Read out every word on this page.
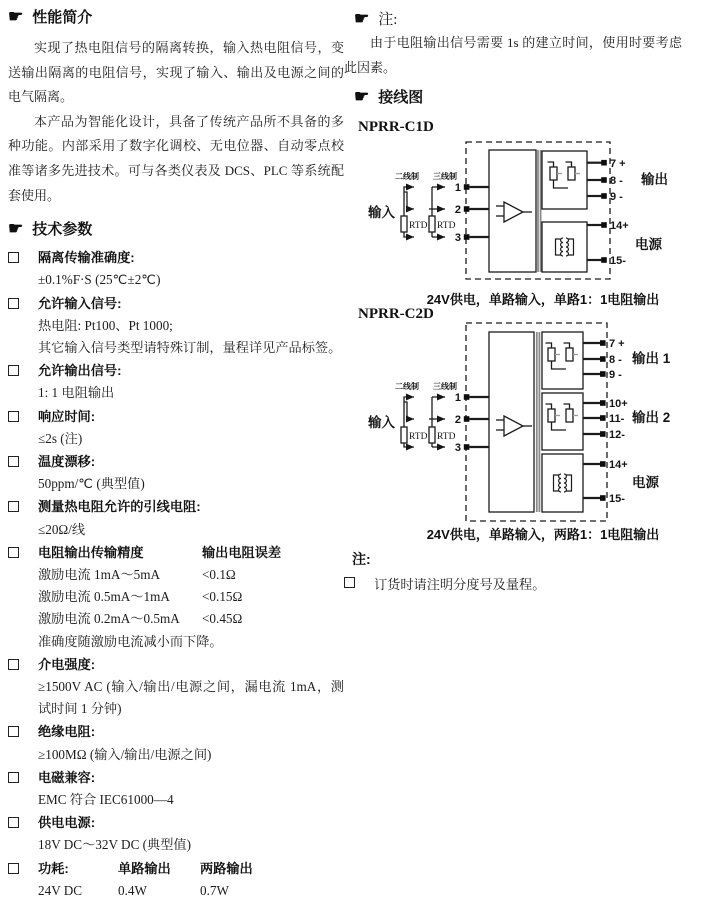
☛ 性能简介

实现了热电阻信号的隔离转换，输入热电阻信号，变送输出隔离的电阻信号，实现了输入、输出及电源之间的电气隔离。

本产品为智能化设计，具备了传统产品所不具备的多种功能。内部采用了数字化调校、无电位器、自动零点校准等诸多先进技术。可与各类仪表及 DCS、PLC 等系统配套使用。

☛ 技术参数
隔离传输准确度:
±0.1%F·S (25℃±2℃)
允许输入信号:
热电阻: Pt100、Pt 1000;
其它输入信号类型请特殊订制，量程详见产品标签。
允许输出信号:
1: 1 电阻输出
响应时间:
≤2s (注)
温度漂移:
50ppm/℃ (典型值)
测量热电阻允许的引线电阻:
≤20Ω/线
电阻输出传输精度	输出电阻误差
激励电流 1mA～5mA	<0.1Ω
激励电流 0.5mA～1mA	<0.15Ω
激励电流 0.2mA～0.5mA	<0.45Ω
准确度随激励电流减小而下降。
介电强度:
≥1500V AC (输入/输出/电源之间，漏电流 1mA，测试时间 1 分钟)
绝缘电阻:
≥100MΩ (输入/输出/电源之间)
电磁兼容:
EMC 符合 IEC61000—4
供电电源:
18V DC～32V DC (典型值)
功耗:	单路输出	两路输出
24V DC	0.4W	0.7W
☛ 注:
由于电阻输出信号需要 1s 的建立时间，使用时要考虑此因素。
☛ 接线图
NPRR-C1D
二线制 三线制
输入
RTD RTD
1
2
3
7 +
8 -
9 -
14+
15-
输出
电源
24V供电，单路输入，单路1：1电阻输出
NPRR-C2D
二线制 三线制
输入
RTD RTD
1
2
3
7 +
8 -
9 -
10+
11-
12-
14+
15-
输出 1
输出 2
电源
24V供电，单路输入，两路1：1电阻输出
注:
订货时请注明分度号及量程。
